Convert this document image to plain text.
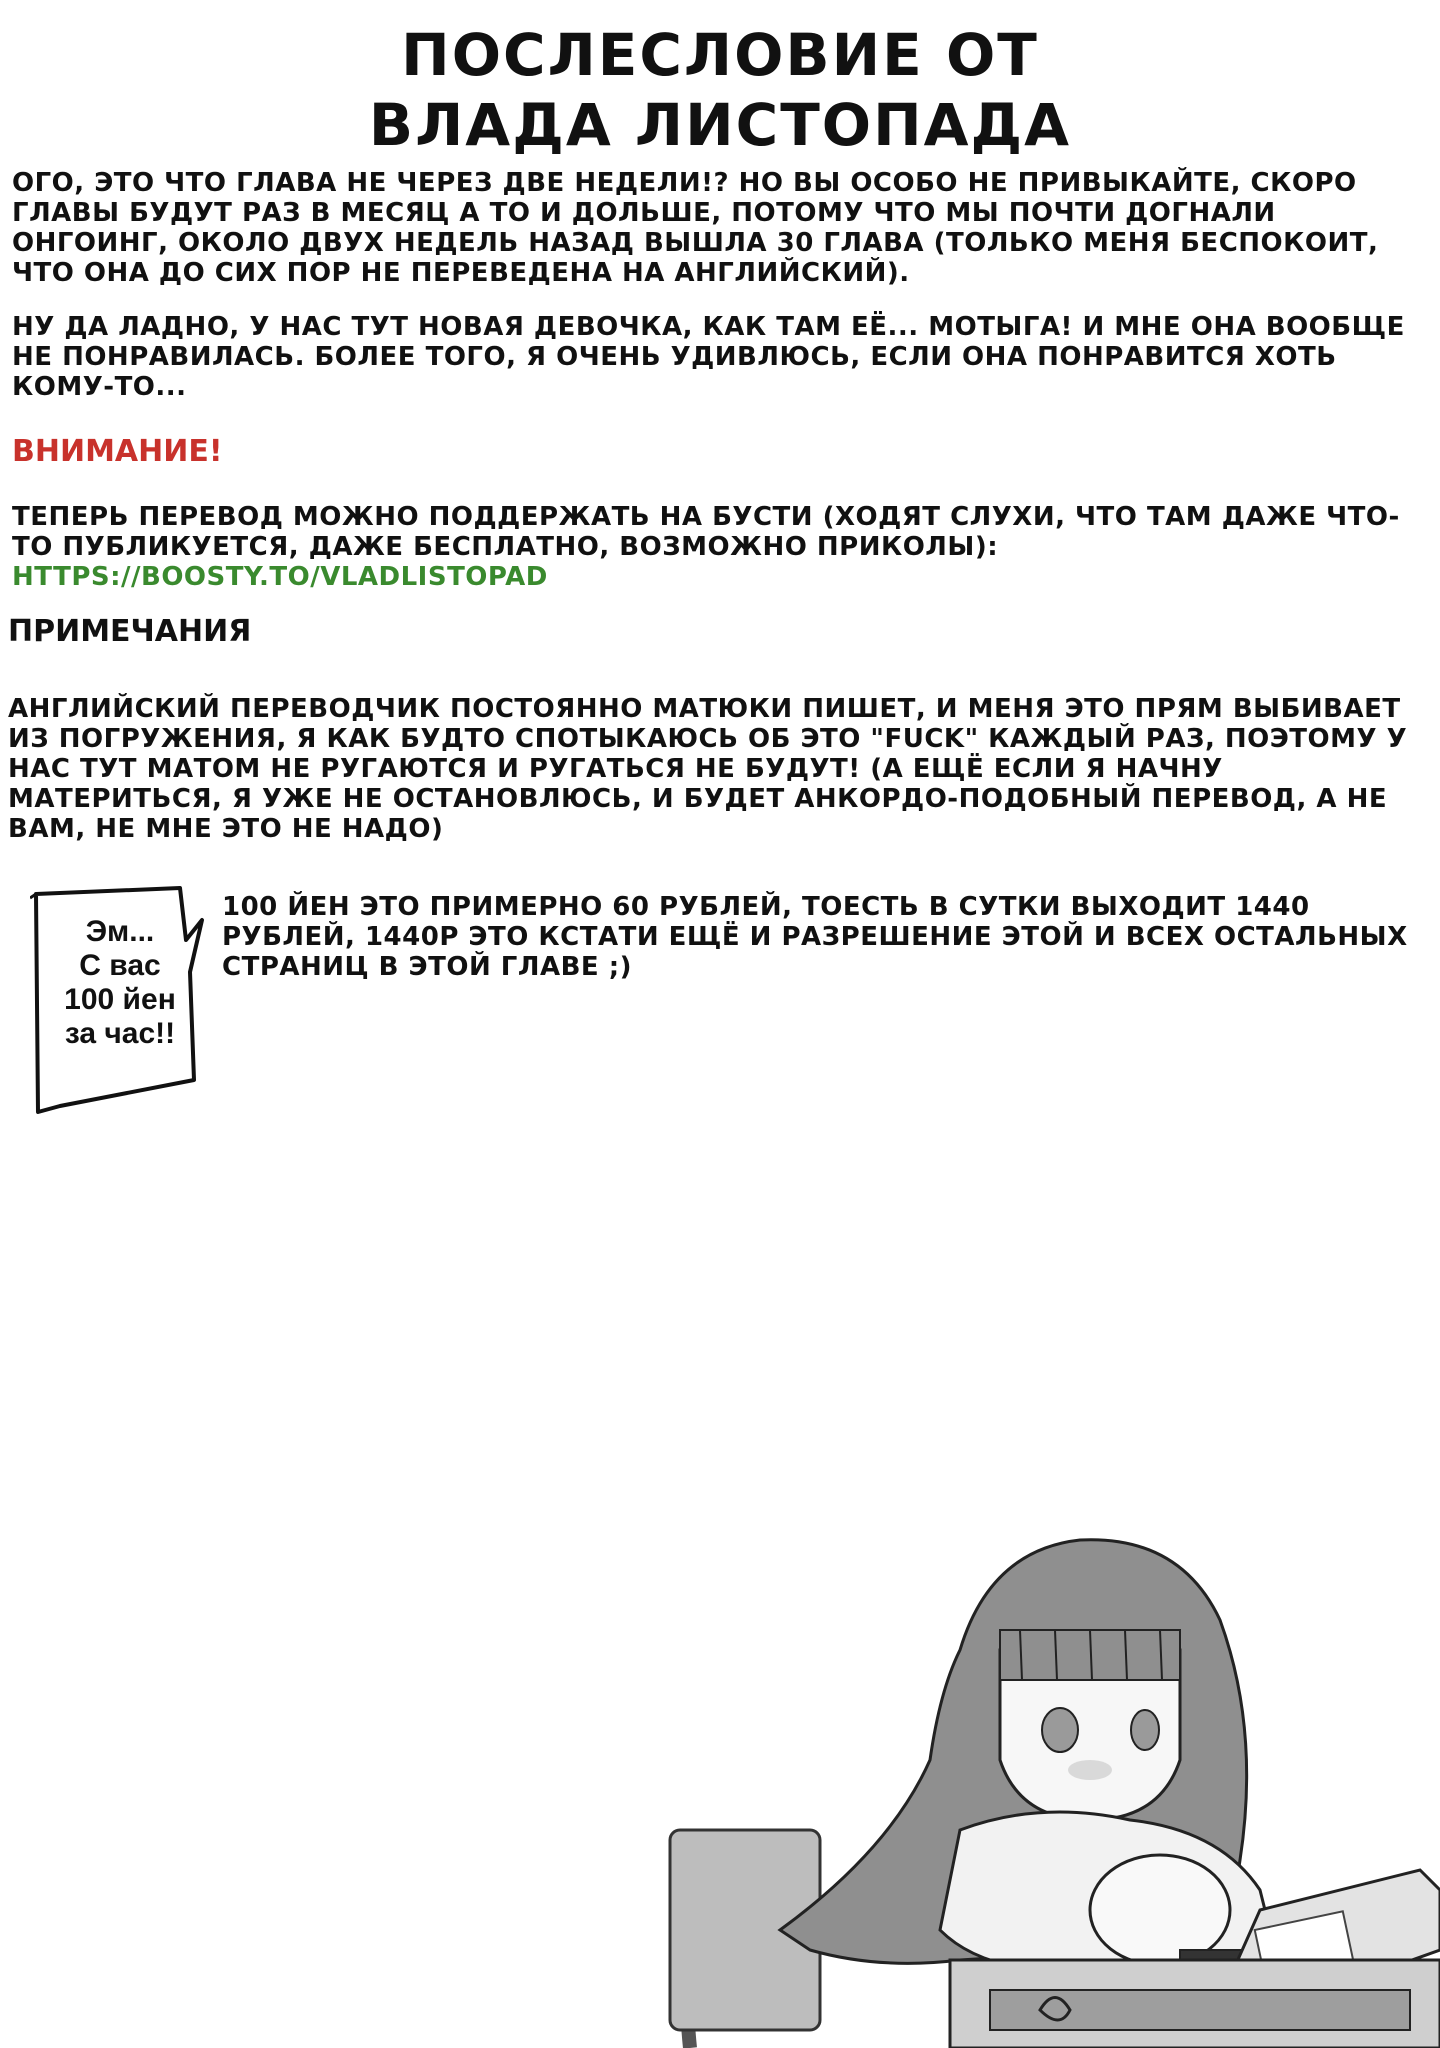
ПОСЛЕСЛОВИЕ ОТ
ВЛАДА ЛИСТОПАДА

ОГО, ЭТО ЧТО ГЛАВА НЕ ЧЕРЕЗ ДВЕ НЕДЕЛИ!? НО ВЫ ОСОБО НЕ ПРИВЫКАЙТЕ, СКОРО ГЛАВЫ БУДУТ РАЗ В МЕСЯЦ А ТО И ДОЛЬШЕ, ПОТОМУ ЧТО МЫ ПОЧТИ ДОГНАЛИ ОНГОИНГ, ОКОЛО ДВУХ НЕДЕЛЬ НАЗАД ВЫШЛА 30 ГЛАВА (ТОЛЬКО МЕНЯ БЕСПОКОИТ, ЧТО ОНА ДО СИХ ПОР НЕ ПЕРЕВЕДЕНА НА АНГЛИЙСКИЙ).

НУ ДА ЛАДНО, У НАС ТУТ НОВАЯ ДЕВОЧКА, КАК ТАМ ЕЁ... МОТЫГА! И МНЕ ОНА ВООБЩЕ НЕ ПОНРАВИЛАСЬ. БОЛЕЕ ТОГО, Я ОЧЕНЬ УДИВЛЮСЬ, ЕСЛИ ОНА ПОНРАВИТСЯ ХОТЬ КОМУ-ТО...

ВНИМАНИЕ!

ТЕПЕРЬ ПЕРЕВОД МОЖНО ПОДДЕРЖАТЬ НА БУСТИ (ХОДЯТ СЛУХИ, ЧТО ТАМ ДАЖЕ ЧТО-ТО ПУБЛИКУЕТСЯ, ДАЖЕ БЕСПЛАТНО, ВОЗМОЖНО ПРИКОЛЫ):

HTTPS://BOOSTY.TO/VLADLISTOPAD
ПРИМЕЧАНИЯ

АНГЛИЙСКИЙ ПЕРЕВОДЧИК ПОСТОЯННО МАТЮКИ ПИШЕТ, И МЕНЯ ЭТО ПРЯМ ВЫБИВАЕТ ИЗ ПОГРУЖЕНИЯ, Я КАК БУДТО СПОТЫКАЮСЬ ОБ ЭТО "FUCK" КАЖДЫЙ РАЗ, ПОЭТОМУ У НАС ТУТ МАТОМ НЕ РУГАЮТСЯ И РУГАТЬСЯ НЕ БУДУТ! (А ЕЩЁ ЕСЛИ Я НАЧНУ МАТЕРИТЬСЯ, Я УЖЕ НЕ ОСТАНОВЛЮСЬ, И БУДЕТ АНКОРДО-ПОДОБНЫЙ ПЕРЕВОД, А НЕ ВАМ, НЕ МНЕ ЭТО НЕ НАДО)

Эм...
С вас
100 йен
за час!!

100 ЙЕН ЭТО ПРИМЕРНО 60 РУБЛЕЙ, ТОЕСТЬ В СУТКИ ВЫХОДИТ 1440 РУБЛЕЙ, 1440Р ЭТО КСТАТИ ЕЩЁ И РАЗРЕШЕНИЕ ЭТОЙ И ВСЕХ ОСТАЛЬНЫХ СТРАНИЦ В ЭТОЙ ГЛАВЕ ;)
